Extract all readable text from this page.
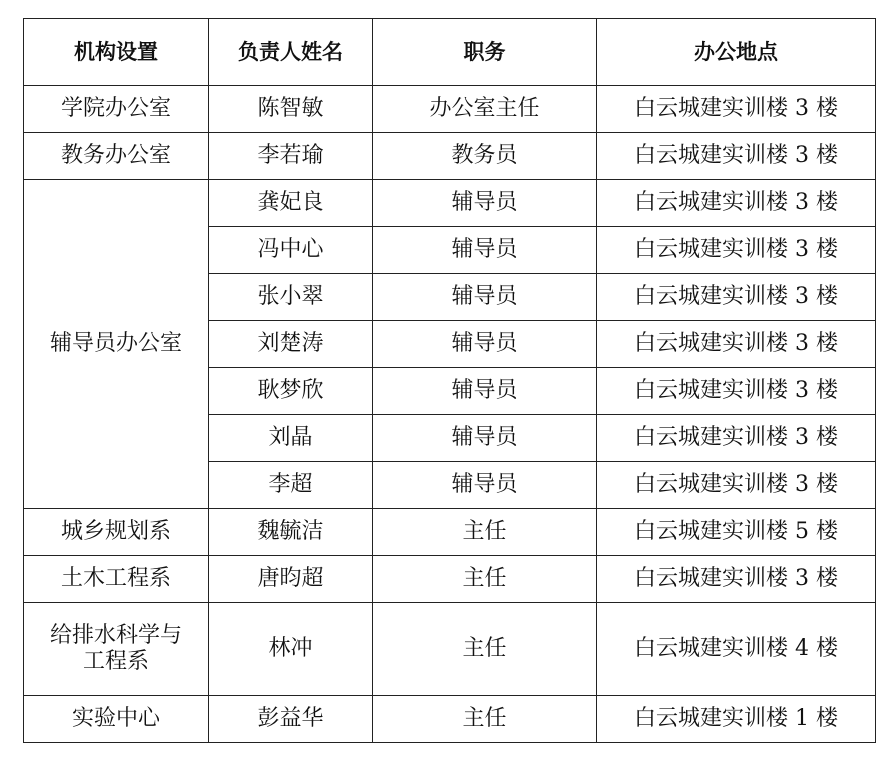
机构设置	负责人姓名	职务	办公地点
学院办公室	陈智敏	办公室主任	白云城建实训楼 3 楼
教务办公室	李若瑜	教务员	白云城建实训楼 3 楼
辅导员办公室	龚妃良	辅导员	白云城建实训楼 3 楼
	冯中心	辅导员	白云城建实训楼 3 楼
	张小翠	辅导员	白云城建实训楼 3 楼
	刘楚涛	辅导员	白云城建实训楼 3 楼
	耿梦欣	辅导员	白云城建实训楼 3 楼
	刘晶	辅导员	白云城建实训楼 3 楼
	李超	辅导员	白云城建实训楼 3 楼
城乡规划系	魏毓洁	主任	白云城建实训楼 5 楼
土木工程系	唐昀超	主任	白云城建实训楼 3 楼

给排水科学与
工程系	林冲	主任	白云城建实训楼 4 楼
实验中心	彭益华	主任	白云城建实训楼 1 楼
